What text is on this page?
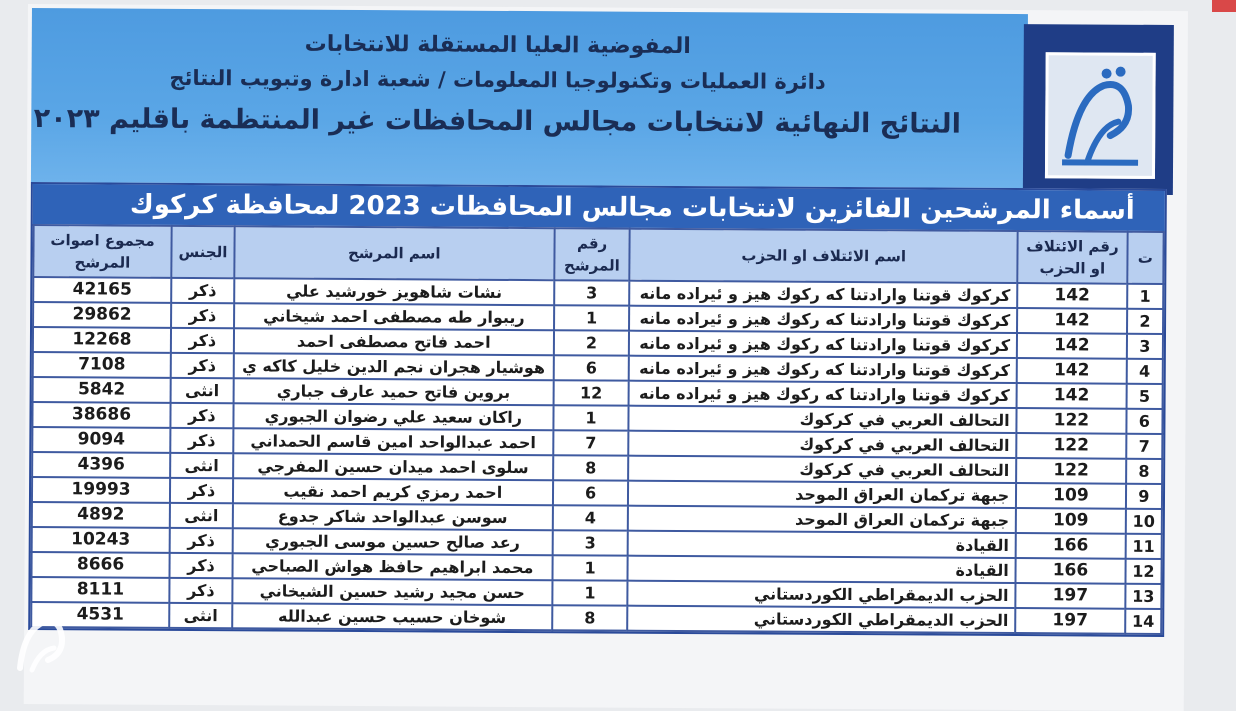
المفوضية العليا المستقلة للانتخابات
دائرة العمليات وتكنولوجيا المعلومات / شعبة ادارة وتبويب النتائج
النتائج النهائية لانتخابات مجالس المحافظات غير المنتظمة باقليم ٢٠٢٣
أسماء المرشحين الفائزين لانتخابات مجالس المحافظات 2023 لمحافظة كركوك
ت	رقم الائتلاف او الحزب	اسم الائتلاف او الحزب	رقم المرشح	اسم المرشح	الجنس	مجموع اصوات المرشح
1	142	كركوك قوتنا وارادتنا كه ركوك هيز و ئيراده مانه	3	نشات شاهويز خورشيد علي	ذكر	42165
2	142	كركوك قوتنا وارادتنا كه ركوك هيز و ئيراده مانه	1	ريبوار طه مصطفى احمد شيخاني	ذكر	29862
3	142	كركوك قوتنا وارادتنا كه ركوك هيز و ئيراده مانه	2	احمد فاتح مصطفى احمد	ذكر	12268
4	142	كركوك قوتنا وارادتنا كه ركوك هيز و ئيراده مانه	6	هوشيار هجران نجم الدين خليل كاكه ي	ذكر	7108
5	142	كركوك قوتنا وارادتنا كه ركوك هيز و ئيراده مانه	12	بروين فاتح حميد عارف جباري	انثى	5842
6	122	التحالف العربي في كركوك	1	راكان سعيد علي رضوان الجبوري	ذكر	38686
7	122	التحالف العربي في كركوك	7	احمد عبدالواحد امين قاسم الحمداني	ذكر	9094
8	122	التحالف العربي في كركوك	8	سلوى احمد ميدان حسين المفرجي	انثى	4396
9	109	جبهة تركمان العراق الموحد	6	احمد رمزي كريم احمد نقيب	ذكر	19993
10	109	جبهة تركمان العراق الموحد	4	سوسن عبدالواحد شاكر جدوع	انثى	4892
11	166	القيادة	3	رعد صالح حسين موسى الجبوري	ذكر	10243
12	166	القيادة	1	محمد ابراهيم حافظ هواش الصباحي	ذكر	8666
13	197	الحزب الديمقراطي الكوردستاني	1	حسن مجيد رشيد حسين الشيخاني	ذكر	8111
14	197	الحزب الديمقراطي الكوردستاني	8	شوخان حسيب حسين عبدالله	انثى	4531
